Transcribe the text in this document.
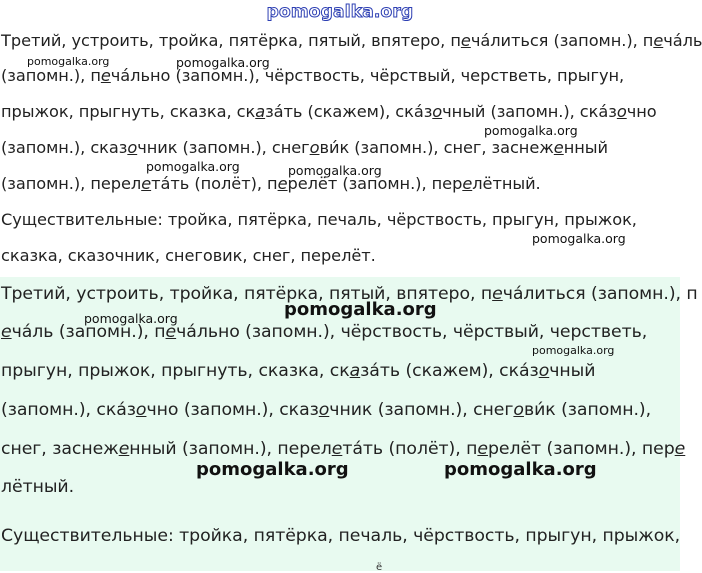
pomogalka.org
Третий, устроить, тройка, пятёрка, пятый, впятеро, печа́литься (запомн.), печа́ль
(запомн.), печа́льно (запомн.), чёрствость, чёрствый, черстветь, прыгун,
прыжок, прыгнуть, сказка, сказа́ть (скажем), ска́зочный (запомн.), ска́зочно
(запомн.), сказочник (запомн.), снегови́к (запомн.), снег, заснеженный
(запомн.), перелета́ть (полёт), перелёт (запомн.), перелётный.
Существительные: тройка, пятёрка, печаль, чёрствость, прыгун, прыжок,
сказка, сказочник, снеговик, снег, перелёт.
Третий, устроить, тройка, пятёрка, пятый, впятеро, печа́литься (запомн.), п
еча́ль (запомн.), печа́льно (запомн.), чёрствость, чёрствый, черстветь,
прыгун, прыжок, прыгнуть, сказка, сказа́ть (скажем), ска́зочный
(запомн.), ска́зочно (запомн.), сказочник (запомн.), снегови́к (запомн.),
снег, заснеженный (запомн.), перелета́ть (полёт), перелёт (запомн.), пере
лётный.
Существительные: тройка, пятёрка, печаль, чёрствость, прыгун, прыжок,
ё
pomogalka.org	pomogalka.org
pomogalka.org
pomogalka.org	pomogalka.org
pomogalka.org
pomogalka.org	pomogalka.org
pomogalka.org
pomogalka.org	pomogalka.org
